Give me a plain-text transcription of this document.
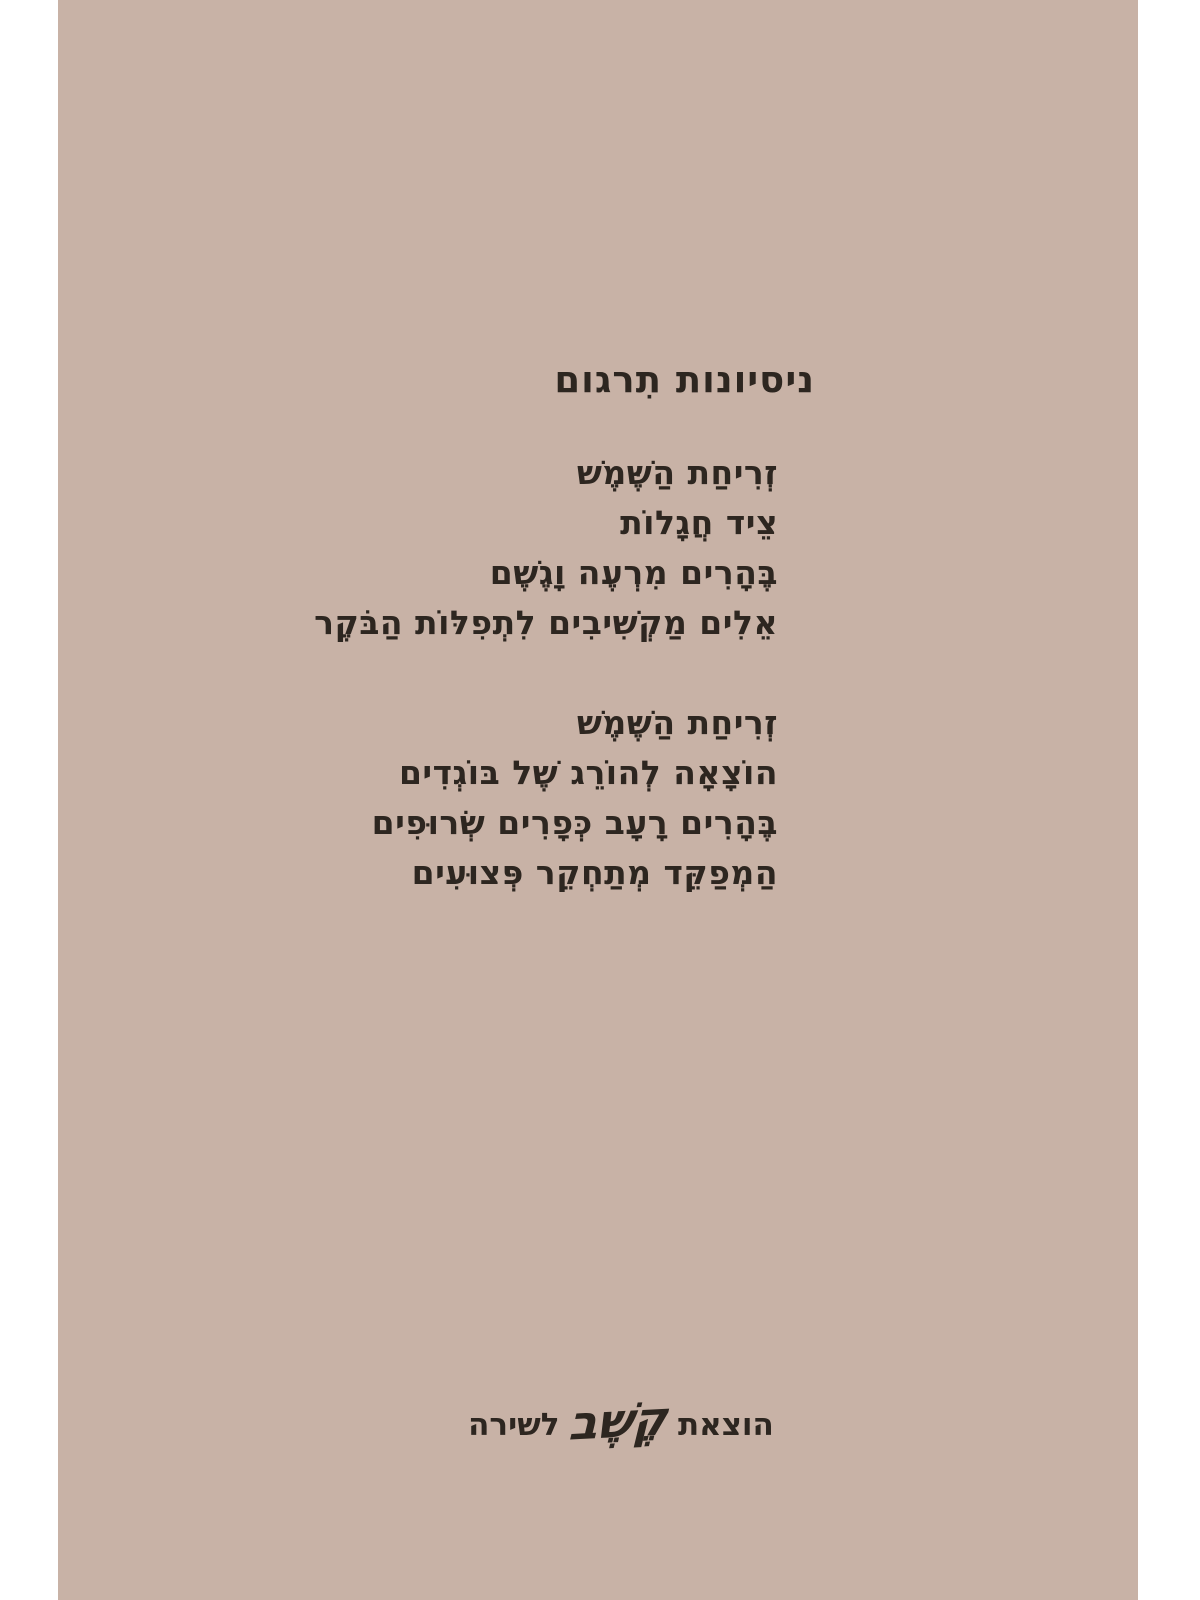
ניסיונות תִרגום
זְרִיחַת הַשֶּׁמֶשׁ
צֵיד חֲגָלוֹת
בֶּהָרִים מִרְעֶה וָגֶשֶׁם
אֵלִים מַקְשִׁיבִים לִתְפִלּוֹת הַבֹּקֶר
זְרִיחַת הַשֶּׁמֶשׁ
הוֹצָאָה לְהוֹרֵג שֶׁל בּוֹגְדִים
בֶּהָרִים רָעָב כְּפָרִים שְׂרוּפִים
הַמְפַקֵּד מְתַחְקֵר פְּצוּעִים
הוצאתקֶשֶׁבלשירה
